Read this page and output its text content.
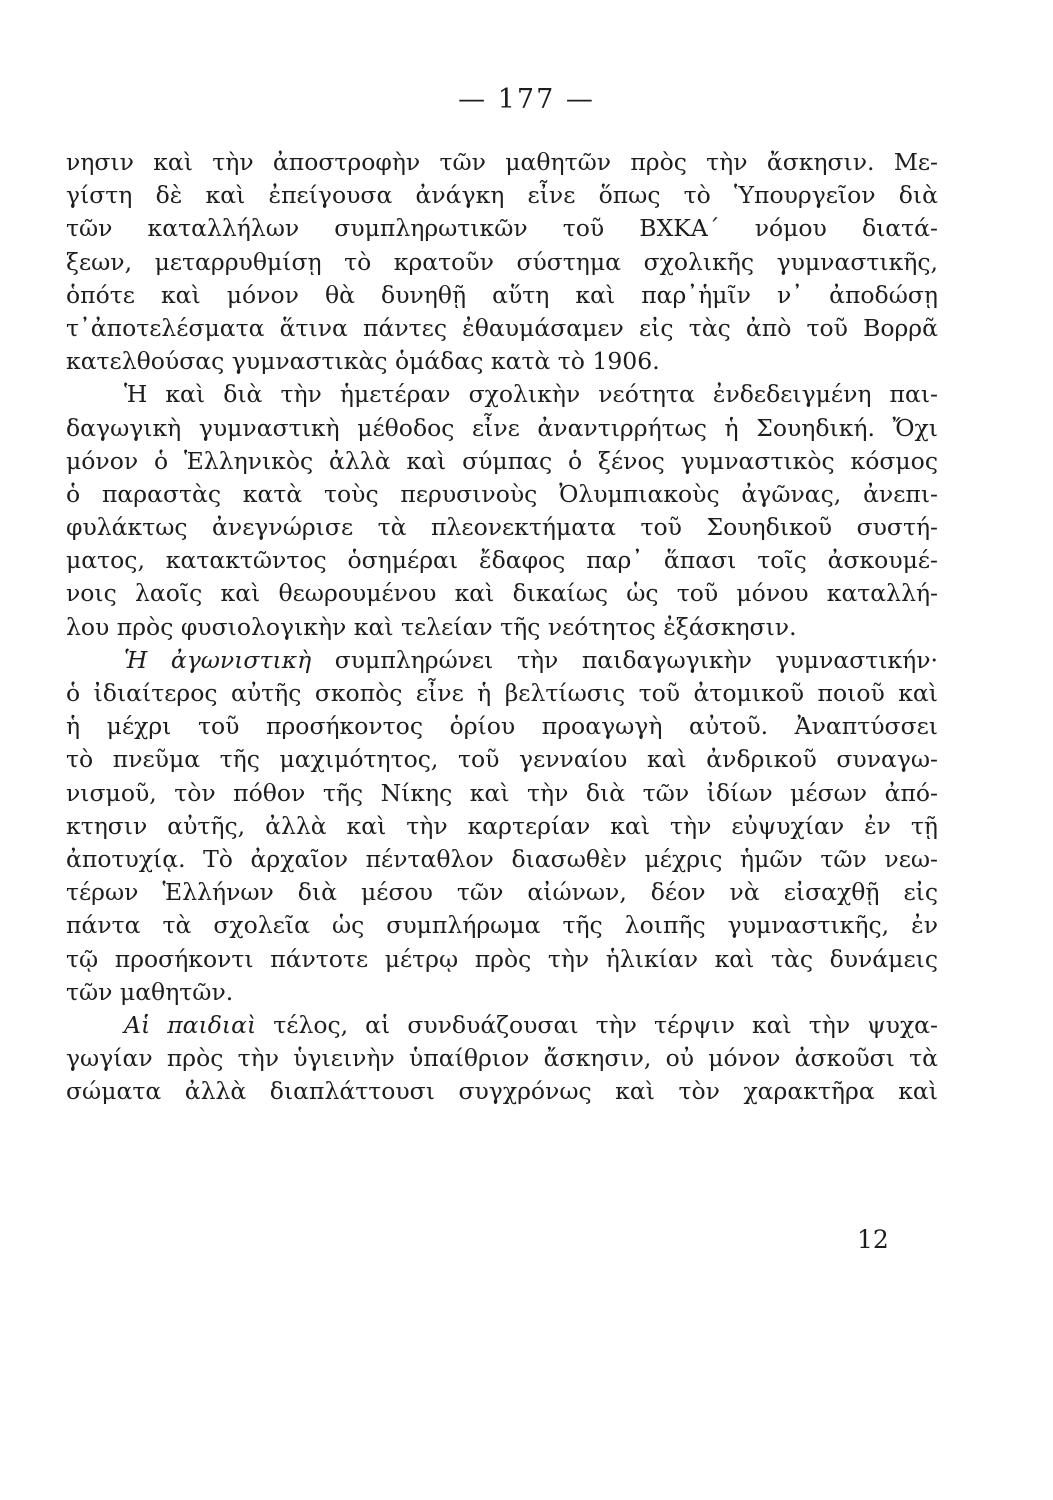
— 177 —
νησιν καὶ τὴν ἀποστροφὴν τῶν μαθητῶν πρὸς τὴν ἄσκησιν. Με-
γίστη δὲ καὶ ἐπείγουσα ἀνάγκη εἶνε ὅπως τὸ Ὑπουργεῖον διὰ
τῶν καταλλήλων συμπληρωτικῶν τοῦ ΒΧΚΑ΄ νόμου διατά-
ξεων, μεταρρυθμίσῃ τὸ κρατοῦν σύστημα σχολικῆς γυμναστικῆς,
ὁπότε καὶ μόνον θὰ δυνηθῇ αὕτη καὶ παρ᾽ἡμῖν ν᾽ ἀποδώσῃ
τ᾽ἀποτελέσματα ἅτινα πάντες ἐθαυμάσαμεν εἰς τὰς ἀπὸ τοῦ Βορρᾶ
κατελθούσας γυμναστικὰς ὁμάδας κατὰ τὸ 1906.
Ἡ καὶ διὰ τὴν ἡμετέραν σχολικὴν νεότητα ἐνδεδειγμένη παι-
δαγωγικὴ γυμναστικὴ μέθοδος εἶνε ἀναντιρρήτως ἡ Σουηδική. Ὄχι
μόνον ὁ Ἑλληνικὸς ἀλλὰ καὶ σύμπας ὁ ξένος γυμναστικὸς κόσμος
ὁ παραστὰς κατὰ τοὺς περυσινοὺς Ὀλυμπιακοὺς ἀγῶνας, ἀνεπι-
φυλάκτως ἀνεγνώρισε τὰ πλεονεκτήματα τοῦ Σουηδικοῦ συστή-
ματος, κατακτῶντος ὁσημέραι ἔδαφος παρ᾽ ἅπασι τοῖς ἀσκουμέ-
νοις λαοῖς καὶ θεωρουμένου καὶ δικαίως ὡς τοῦ μόνου καταλλή-
λου πρὸς φυσιολογικὴν καὶ τελείαν τῆς νεότητος ἐξάσκησιν.
Ἡ ἀγωνιστικὴ συμπληρώνει τὴν παιδαγωγικὴν γυμναστικήν·
ὁ ἰδιαίτερος αὐτῆς σκοπὸς εἶνε ἡ βελτίωσις τοῦ ἀτομικοῦ ποιοῦ καὶ
ἡ μέχρι τοῦ προσήκοντος ὁρίου προαγωγὴ αὐτοῦ. Ἀναπτύσσει
τὸ πνεῦμα τῆς μαχιμότητος, τοῦ γενναίου καὶ ἀνδρικοῦ συναγω-
νισμοῦ, τὸν πόθον τῆς Νίκης καὶ τὴν διὰ τῶν ἰδίων μέσων ἀπό-
κτησιν αὐτῆς, ἀλλὰ καὶ τὴν καρτερίαν καὶ τὴν εὐψυχίαν ἐν τῇ
ἀποτυχίᾳ. Τὸ ἀρχαῖον πένταθλον διασωθὲν μέχρις ἡμῶν τῶν νεω-
τέρων Ἑλλήνων διὰ μέσου τῶν αἰώνων, δέον νὰ εἰσαχθῇ εἰς
πάντα τὰ σχολεῖα ὡς συμπλήρωμα τῆς λοιπῆς γυμναστικῆς, ἐν
τῷ προσήκοντι πάντοτε μέτρῳ πρὸς τὴν ἡλικίαν καὶ τὰς δυνάμεις
τῶν μαθητῶν.
Αἱ παιδιαὶ τέλος, αἱ συνδυάζουσαι τὴν τέρψιν καὶ τὴν ψυχα-
γωγίαν πρὸς τὴν ὑγιεινὴν ὑπαίθριον ἄσκησιν, οὐ μόνον ἀσκοῦσι τὰ
σώματα ἀλλὰ διαπλάττουσι συγχρόνως καὶ τὸν χαρακτῆρα καὶ
12
